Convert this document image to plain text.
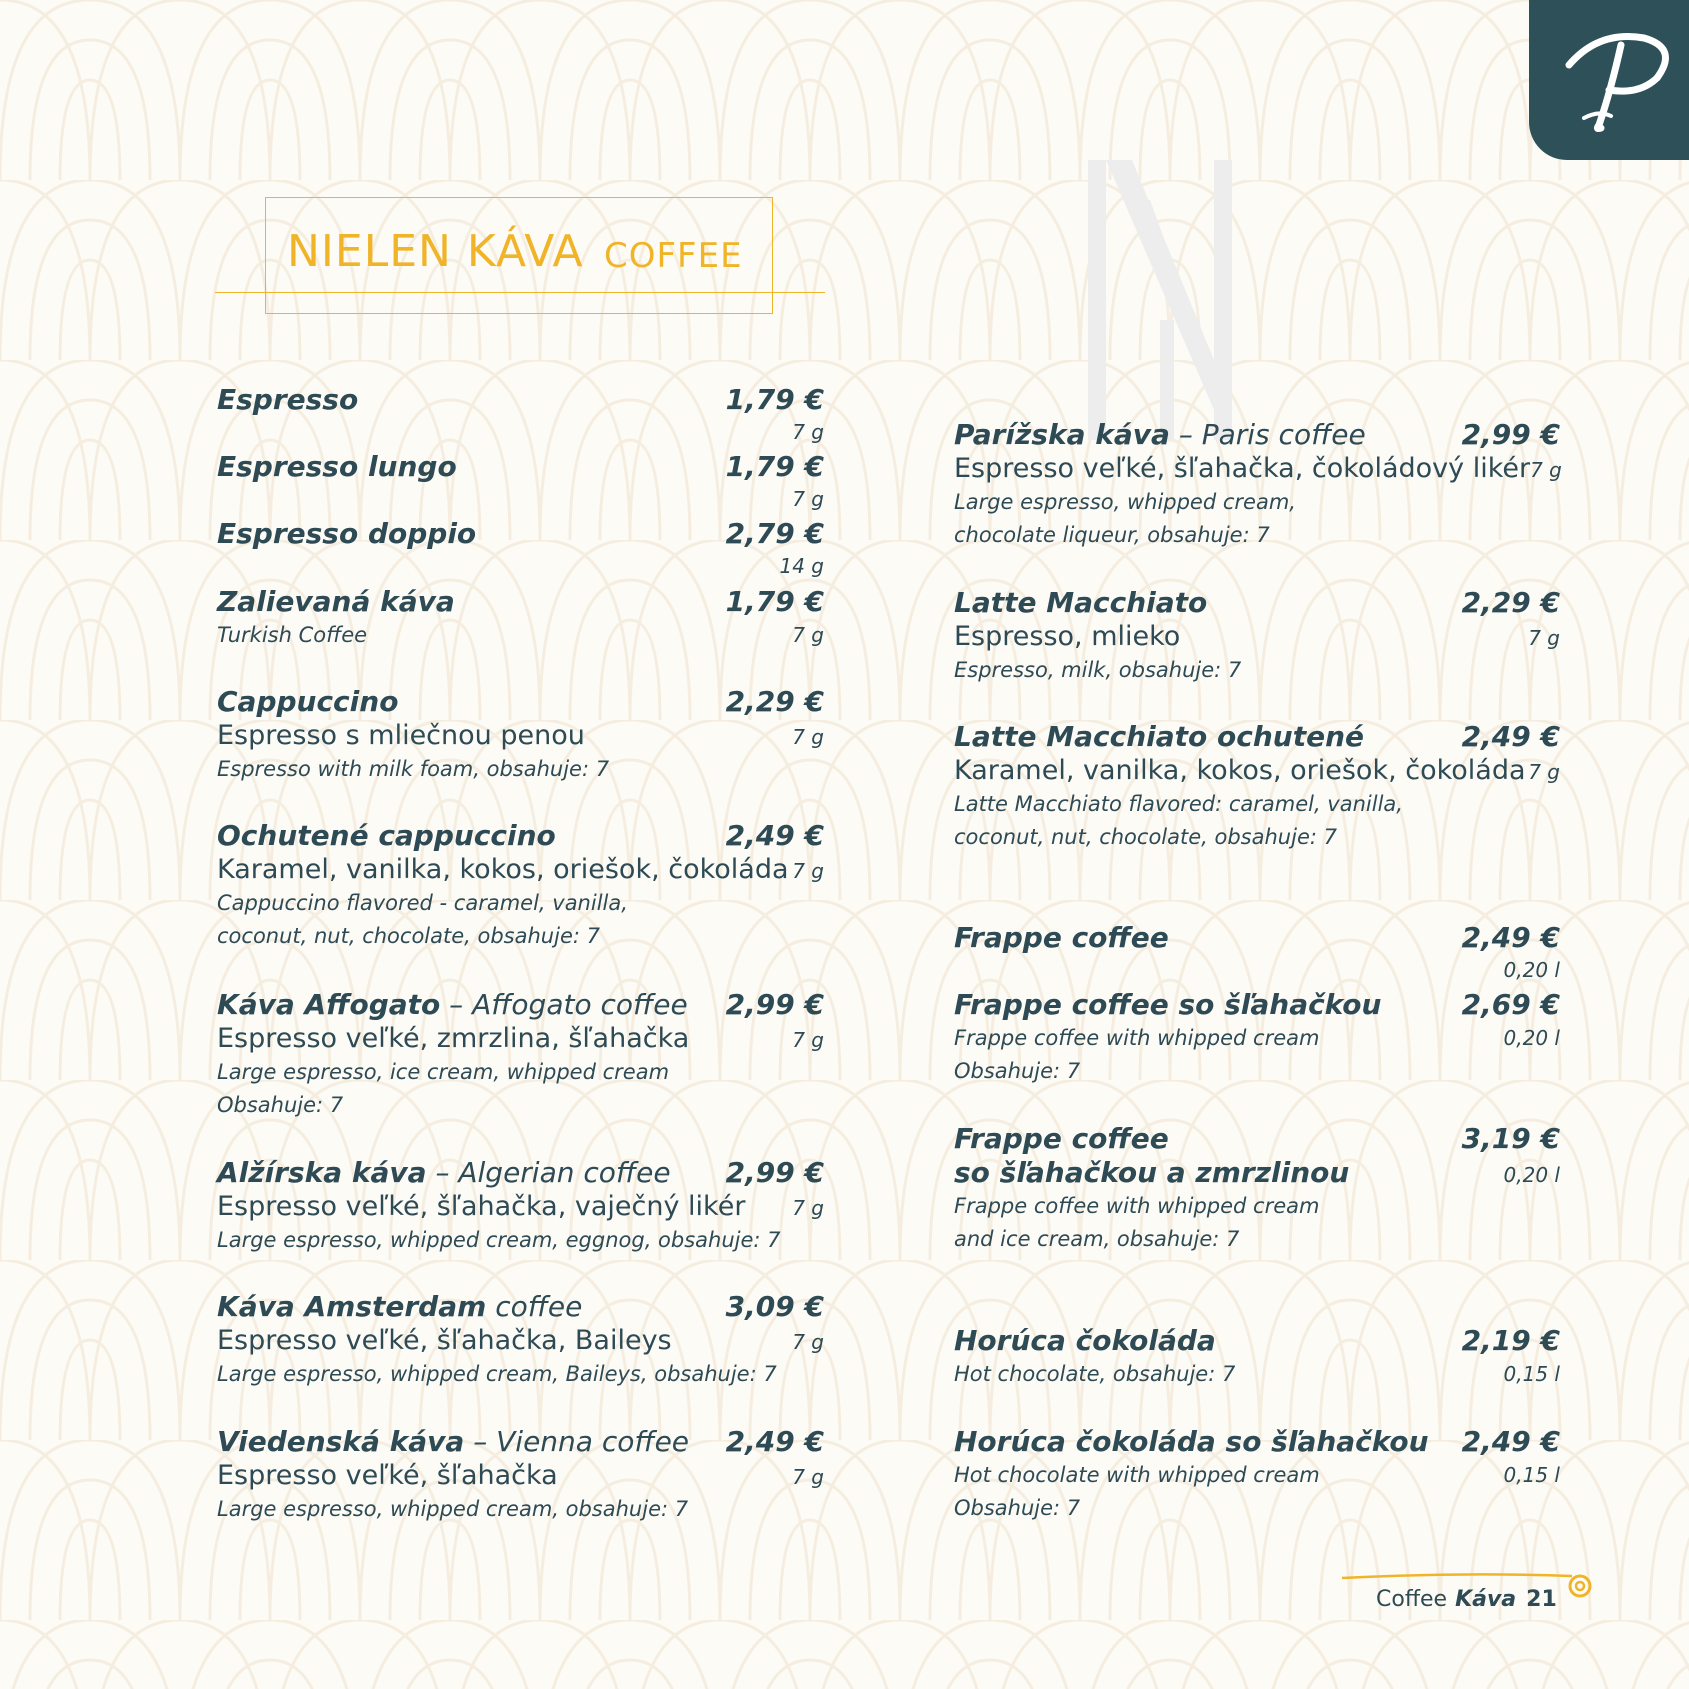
NIELEN KÁVA COFFEE
Espresso	1,79 €
7 g
Espresso lungo	1,79 €
7 g
Espresso doppio	2,79 €
14 g
Zalievaná káva	1,79 €
Turkish Coffee	7 g
Cappuccino	2,29 €
Espresso s mliečnou penou	7 g
Espresso with milk foam, obsahuje: 7
Ochutené cappuccino	2,49 €
Karamel, vanilka, kokos, oriešok, čokoláda 7 g
Cappuccino flavored - caramel, vanilla,
coconut, nut, chocolate, obsahuje: 7
Káva Affogato – Affogato coffee 2,99 €
Espresso veľké, zmrzlina, šľahačka	7 g
Large espresso, ice cream, whipped cream
Obsahuje: 7
Alžírska káva – Algerian coffee 2,99 €
Espresso veľké, šľahačka, vaječný likér 7 g
Large espresso, whipped cream, eggnog, obsahuje: 7
Káva Amsterdam coffee	3,09 €
Espresso veľké, šľahačka, Baileys	7 g
Large espresso, whipped cream, Baileys, obsahuje: 7
Viedenská káva – Vienna coffee 2,49 €
Espresso veľké, šľahačka	7 g
Large espresso, whipped cream, obsahuje: 7
Parížska káva – Paris coffee	2,99 €
Espresso veľké, šľahačka, čokoládový likér 7 g
Large espresso, whipped cream,
chocolate liqueur, obsahuje: 7
Latte Macchiato	2,29 €
Espresso, mlieko	7 g
Espresso, milk, obsahuje: 7
Latte Macchiato ochutené	2,49 €
Karamel, vanilka, kokos, oriešok, čokoláda 7 g
Latte Macchiato flavored: caramel, vanilla,
coconut, nut, chocolate, obsahuje: 7
Frappe coffee	2,49 €
0,20 l
Frappe coffee so šľahačkou	2,69 €
Frappe coffee with whipped cream	0,20 l
Obsahuje: 7
Frappe coffee	3,19 €
so šľahačkou a zmrzlinou	0,20 l
Frappe coffee with whipped cream
and ice cream, obsahuje: 7
Horúca čokoláda	2,19 €
Hot chocolate, obsahuje: 7	0,15 l
Horúca čokoláda so šľahačkou 2,49 €
Hot chocolate with whipped cream	0,15 l
Obsahuje: 7
Coffee Káva 21
